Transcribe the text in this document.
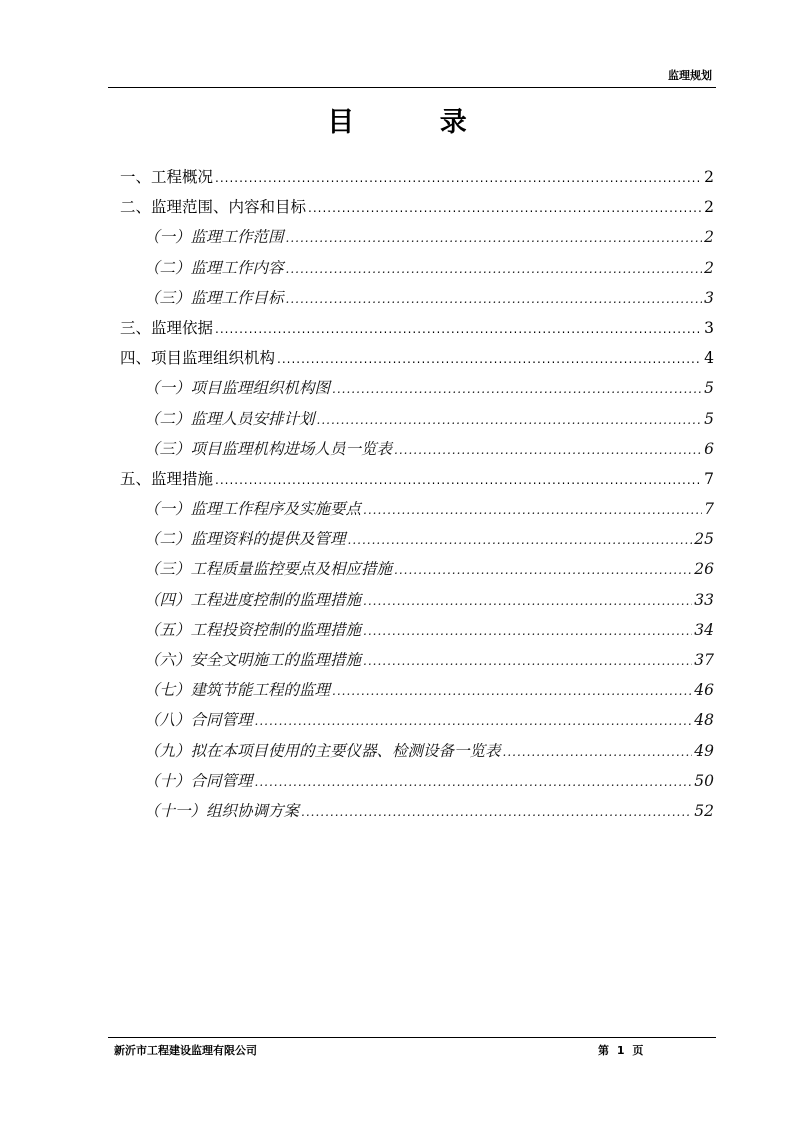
监理规划
目 录
一、工程概况 .....	2
二、监理范围、内容和目标 .....	2
（一）监理工作范围 .....	2
（二）监理工作内容 .....	2
（三）监理工作目标 .....	3
三、监理依据 .....	3
四、项目监理组织机构 .....	4
（一）项目监理组织机构图 .....	5
（二）监理人员安排计划 .....	5
（三）项目监理机构进场人员一览表 .....	6
五、监理措施 .....	7
（一）监理工作程序及实施要点 .....	7
（二）监理资料的提供及管理 .....	25
（三）工程质量监控要点及相应措施 .....	26
（四）工程进度控制的监理措施 .....	33
（五）工程投资控制的监理措施 .....	34
（六）安全文明施工的监理措施 .....	37
（七）建筑节能工程的监理 .....	46
（八）合同管理 .....	48
（九）拟在本项目使用的主要仪器、检测设备一览表 .....	49
（十）合同管理 .....	50
（十一）组织协调方案 .....	52
新沂市工程建设监理有限公司	第 1 页
